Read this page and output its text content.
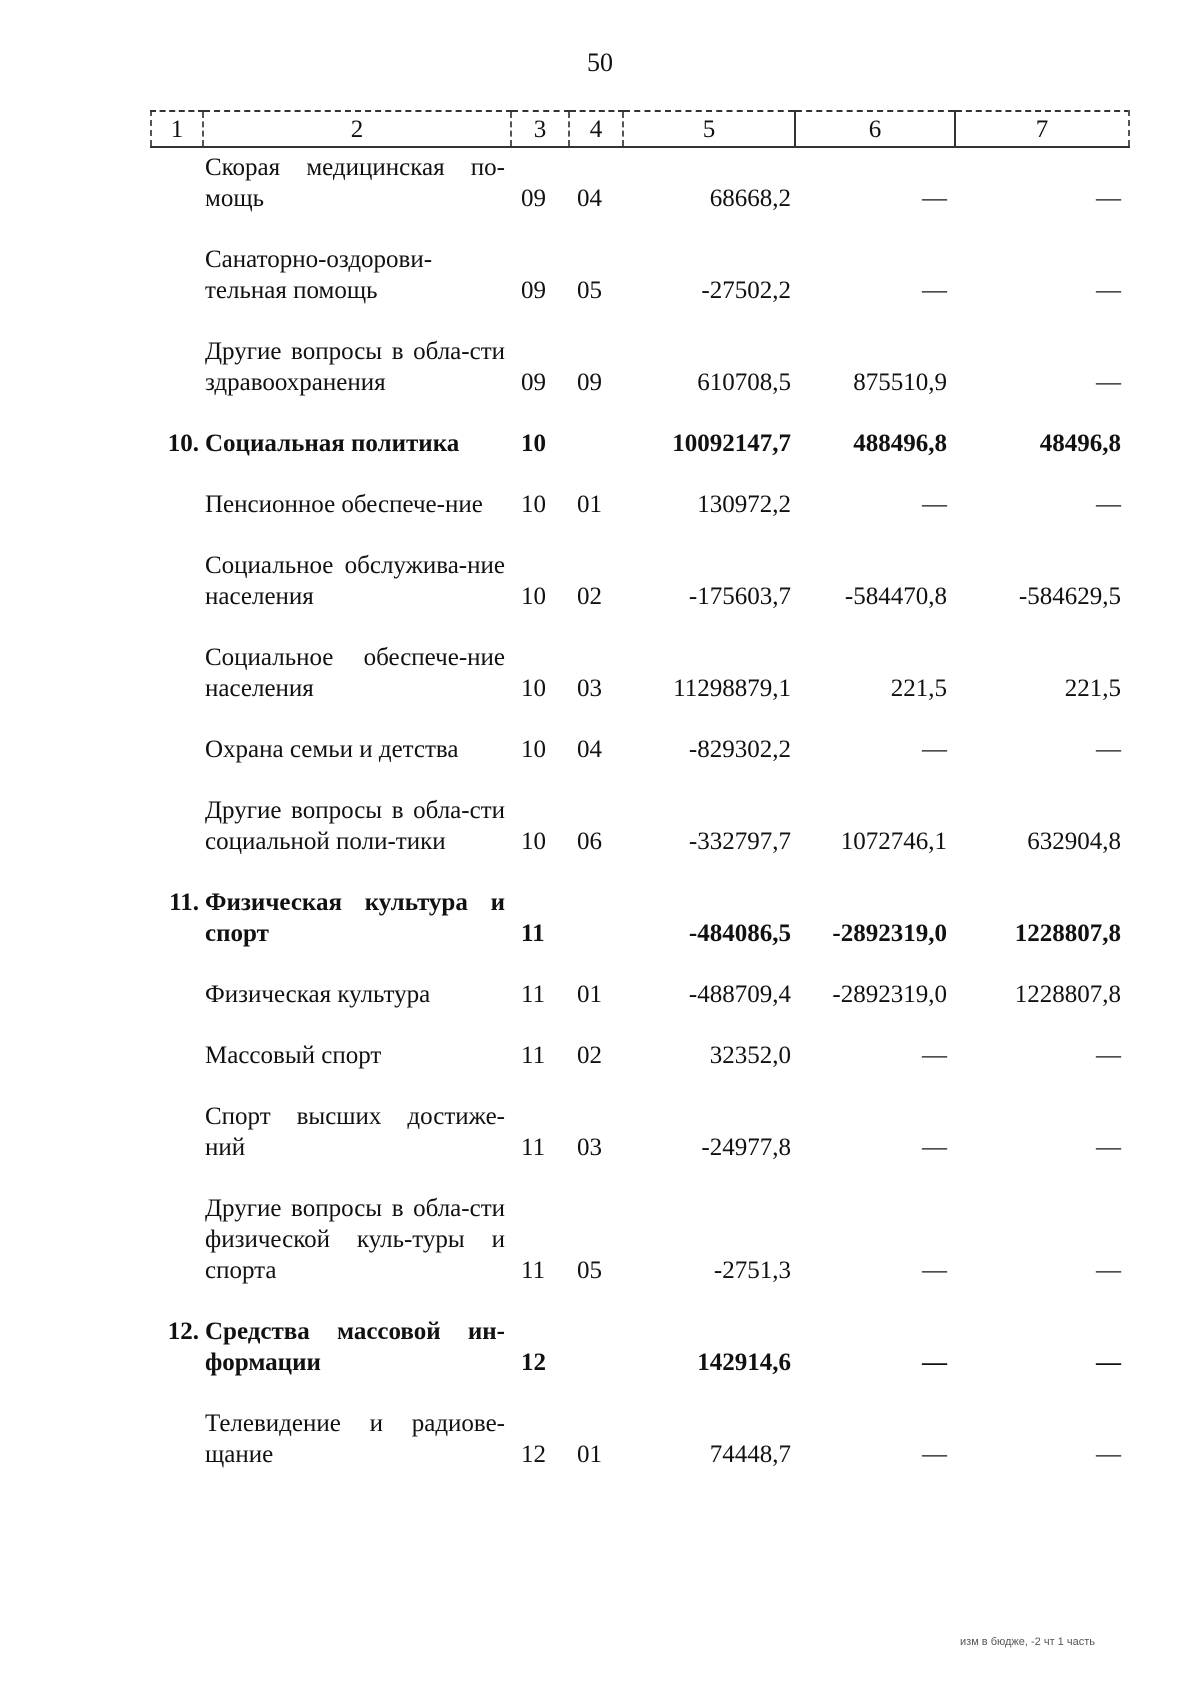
50
1	2	3	4	5	6	7
	Скорая медицинская по-мощь	09	04	68668,2	—	—
	Санаторно-оздорови-тельная помощь	09	05	-27502,2	—	—
	Другие вопросы в обла-сти здравоохранения	09	09	610708,5	875510,9	—
10.	Социальная политика	10		10092147,7	488496,8	48496,8
	Пенсионное обеспече-ние	10	01	130972,2	—	—
	Социальное обслужива-ние населения	10	02	-175603,7	-584470,8	-584629,5
	Социальное обеспече-ние населения	10	03	11298879,1	221,5	221,5
	Охрана семьи и детства	10	04	-829302,2	—	—
	Другие вопросы в обла-сти социальной поли-тики	10	06	-332797,7	1072746,1	632904,8
11.	Физическая культура и спорт	11		-484086,5	-2892319,0	1228807,8
	Физическая культура	11	01	-488709,4	-2892319,0	1228807,8
	Массовый спорт	11	02	32352,0	—	—
	Спорт высших достиже-ний	11	03	-24977,8	—	—
	Другие вопросы в обла-сти физической куль-туры и спорта	11	05	-2751,3	—	—
12.	Средства массовой ин-формации	12		142914,6	—	—
	Телевидение и радиове-щание	12	01	74448,7	—	—
изм в бюдже, -2 чт 1 часть
